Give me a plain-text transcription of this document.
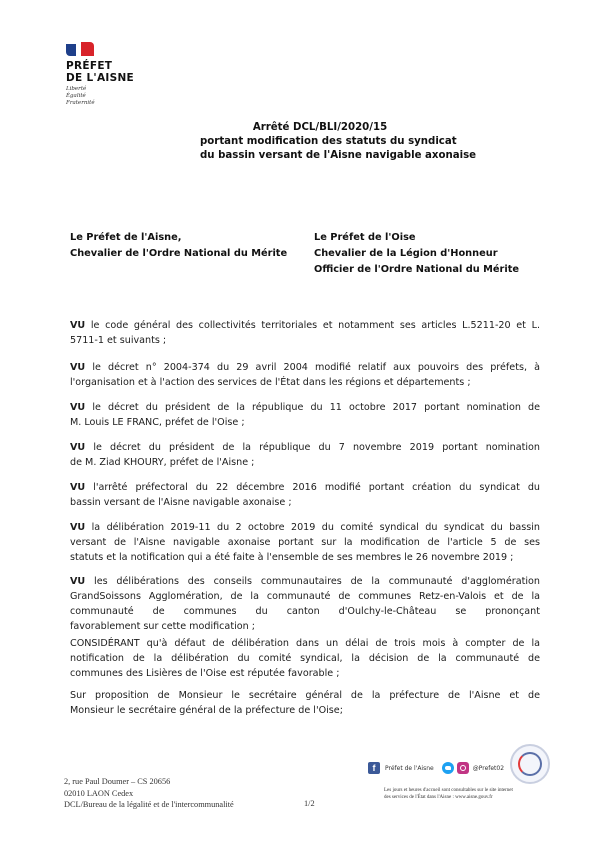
PRÉFET
DE L'AISNE
Liberté
Égalité
Fraternité
Arrêté DCL/BLI/2020/15
portant modification des statuts du syndicat
du bassin versant de l'Aisne navigable axonaise
Le Préfet de l'Aisne,
Chevalier de l'Ordre National du Mérite
Le Préfet de l'Oise
Chevalier de la Légion d'Honneur
Officier de l'Ordre National du Mérite
VU le code général des collectivités territoriales et notamment ses articles L.5211-20 et L.
5711-1 et suivants ;
VU le décret n° 2004-374 du 29 avril 2004 modifié relatif aux pouvoirs des préfets, à
l'organisation et à l'action des services de l'État dans les régions et départements ;
VU le décret du président de la république du 11 octobre 2017 portant nomination de
M. Louis LE FRANC, préfet de l'Oise ;
VU le décret du président de la république du 7 novembre 2019 portant nomination
de M. Ziad KHOURY, préfet de l'Aisne ;
VU l'arrêté préfectoral du 22 décembre 2016 modifié portant création du syndicat du
bassin versant de l'Aisne navigable axonaise ;
VU la délibération 2019-11 du 2 octobre 2019 du comité syndical du syndicat du bassin
versant de l'Aisne navigable axonaise portant sur la modification de l'article 5 de ses
statuts et la notification qui a été faite à l'ensemble de ses membres le 26 novembre 2019 ;
VU les délibérations des conseils communautaires de la communauté d'agglomération
GrandSoissons Agglomération, de la communauté de communes Retz-en-Valois et de la
communauté de communes du canton d'Oulchy-le-Château se prononçant
favorablement sur cette modification ;
CONSIDÉRANT qu'à défaut de délibération dans un délai de trois mois à compter de la
notification de la délibération du comité syndical, la décision de la communauté de
communes des Lisières de l'Oise est réputée favorable ;
Sur proposition de Monsieur le secrétaire général de la préfecture de l'Aisne et de
Monsieur le secrétaire général de la préfecture de l'Oise;
2, rue Paul Doumer – CS 20656
02010 LAON Cedex
DCL/Bureau de la légalité et de l'intercommunalité	1/2
f	Préfet de l'Aisne	@Prefet02
Les jours et heures d'accueil sont consultables sur le site internet
des services de l'État dans l'Aisne : www.aisne.gouv.fr
